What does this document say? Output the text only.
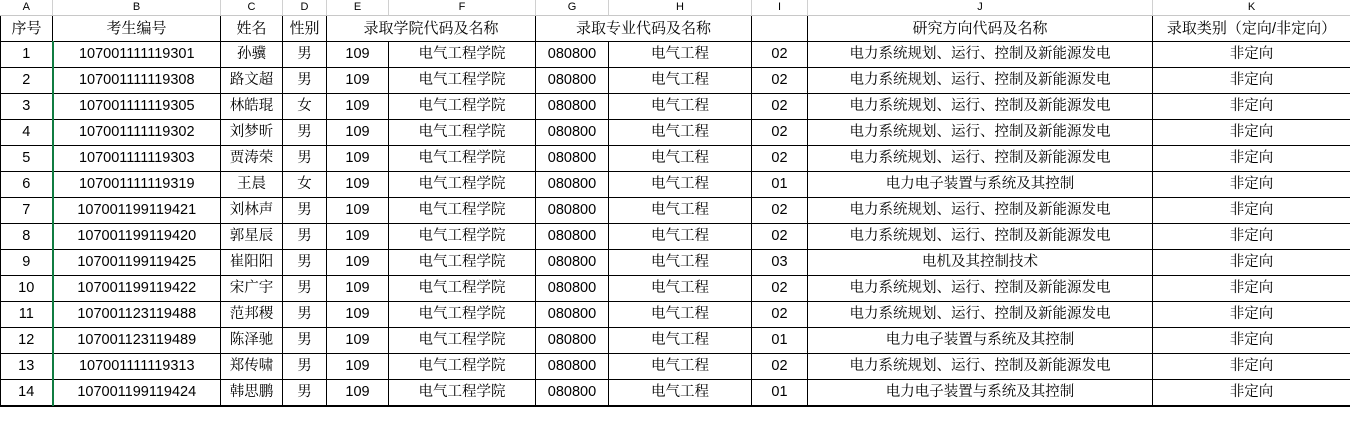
A	B	C	D	E	F	G	H	I	J	K
序号	考生编号	姓名	性别	录取学院代码及名称		录取专业代码及名称			研究方向代码及名称	录取类别（定向/非定向）
1	107001111119301	孙骥	男	109	电气工程学院	080800	电气工程	02	电力系统规划、运行、控制及新能源发电	非定向
2	107001111119308	路文超	男	109	电气工程学院	080800	电气工程	02	电力系统规划、运行、控制及新能源发电	非定向
3	107001111119305	林皓琨	女	109	电气工程学院	080800	电气工程	02	电力系统规划、运行、控制及新能源发电	非定向
4	107001111119302	刘梦昕	男	109	电气工程学院	080800	电气工程	02	电力系统规划、运行、控制及新能源发电	非定向
5	107001111119303	贾涛荣	男	109	电气工程学院	080800	电气工程	02	电力系统规划、运行、控制及新能源发电	非定向
6	107001111119319	王晨	女	109	电气工程学院	080800	电气工程	01	电力电子装置与系统及其控制	非定向
7	107001199119421	刘林声	男	109	电气工程学院	080800	电气工程	02	电力系统规划、运行、控制及新能源发电	非定向
8	107001199119420	郭星辰	男	109	电气工程学院	080800	电气工程	02	电力系统规划、运行、控制及新能源发电	非定向
9	107001199119425	崔阳阳	男	109	电气工程学院	080800	电气工程	03	电机及其控制技术	非定向
10	107001199119422	宋广宇	男	109	电气工程学院	080800	电气工程	02	电力系统规划、运行、控制及新能源发电	非定向
11	107001123119488	范邦稷	男	109	电气工程学院	080800	电气工程	02	电力系统规划、运行、控制及新能源发电	非定向
12	107001123119489	陈泽驰	男	109	电气工程学院	080800	电气工程	01	电力电子装置与系统及其控制	非定向
13	107001111119313	郑传啸	男	109	电气工程学院	080800	电气工程	02	电力系统规划、运行、控制及新能源发电	非定向
14	107001199119424	韩思鹏	男	109	电气工程学院	080800	电气工程	01	电力电子装置与系统及其控制	非定向
